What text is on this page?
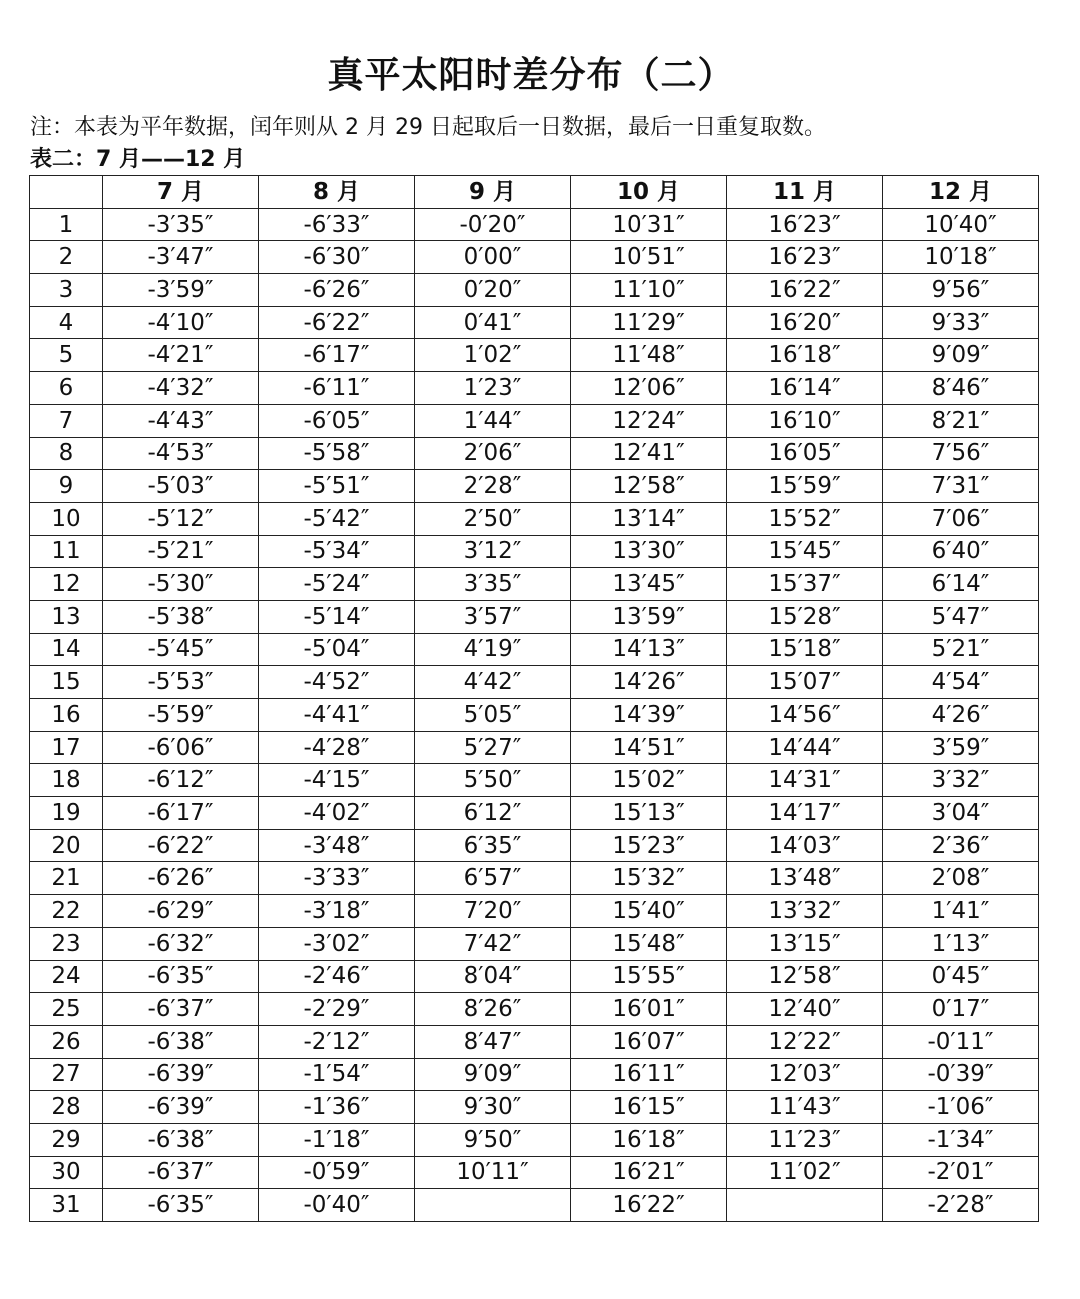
真平太阳时差分布（二）
注：本表为平年数据，闰年则从 2 月 29 日起取后一日数据，最后一日重复取数。
表二：7 月——12 月
	7 月	8 月	9 月	10 月	11 月	12 月
1	-3′35″	-6′33″	-0′20″	10′31″	16′23″	10′40″
2	-3′47″	-6′30″	0′00″	10′51″	16′23″	10′18″
3	-3′59″	-6′26″	0′20″	11′10″	16′22″	9′56″
4	-4′10″	-6′22″	0′41″	11′29″	16′20″	9′33″
5	-4′21″	-6′17″	1′02″	11′48″	16′18″	9′09″
6	-4′32″	-6′11″	1′23″	12′06″	16′14″	8′46″
7	-4′43″	-6′05″	1′44″	12′24″	16′10″	8′21″
8	-4′53″	-5′58″	2′06″	12′41″	16′05″	7′56″
9	-5′03″	-5′51″	2′28″	12′58″	15′59″	7′31″
10	-5′12″	-5′42″	2′50″	13′14″	15′52″	7′06″
11	-5′21″	-5′34″	3′12″	13′30″	15′45″	6′40″
12	-5′30″	-5′24″	3′35″	13′45″	15′37″	6′14″
13	-5′38″	-5′14″	3′57″	13′59″	15′28″	5′47″
14	-5′45″	-5′04″	4′19″	14′13″	15′18″	5′21″
15	-5′53″	-4′52″	4′42″	14′26″	15′07″	4′54″
16	-5′59″	-4′41″	5′05″	14′39″	14′56″	4′26″
17	-6′06″	-4′28″	5′27″	14′51″	14′44″	3′59″
18	-6′12″	-4′15″	5′50″	15′02″	14′31″	3′32″
19	-6′17″	-4′02″	6′12″	15′13″	14′17″	3′04″
20	-6′22″	-3′48″	6′35″	15′23″	14′03″	2′36″
21	-6′26″	-3′33″	6′57″	15′32″	13′48″	2′08″
22	-6′29″	-3′18″	7′20″	15′40″	13′32″	1′41″
23	-6′32″	-3′02″	7′42″	15′48″	13′15″	1′13″
24	-6′35″	-2′46″	8′04″	15′55″	12′58″	0′45″
25	-6′37″	-2′29″	8′26″	16′01″	12′40″	0′17″
26	-6′38″	-2′12″	8′47″	16′07″	12′22″	-0′11″
27	-6′39″	-1′54″	9′09″	16′11″	12′03″	-0′39″
28	-6′39″	-1′36″	9′30″	16′15″	11′43″	-1′06″
29	-6′38″	-1′18″	9′50″	16′18″	11′23″	-1′34″
30	-6′37″	-0′59″	10′11″	16′21″	11′02″	-2′01″
31	-6′35″	-0′40″		16′22″		-2′28″
